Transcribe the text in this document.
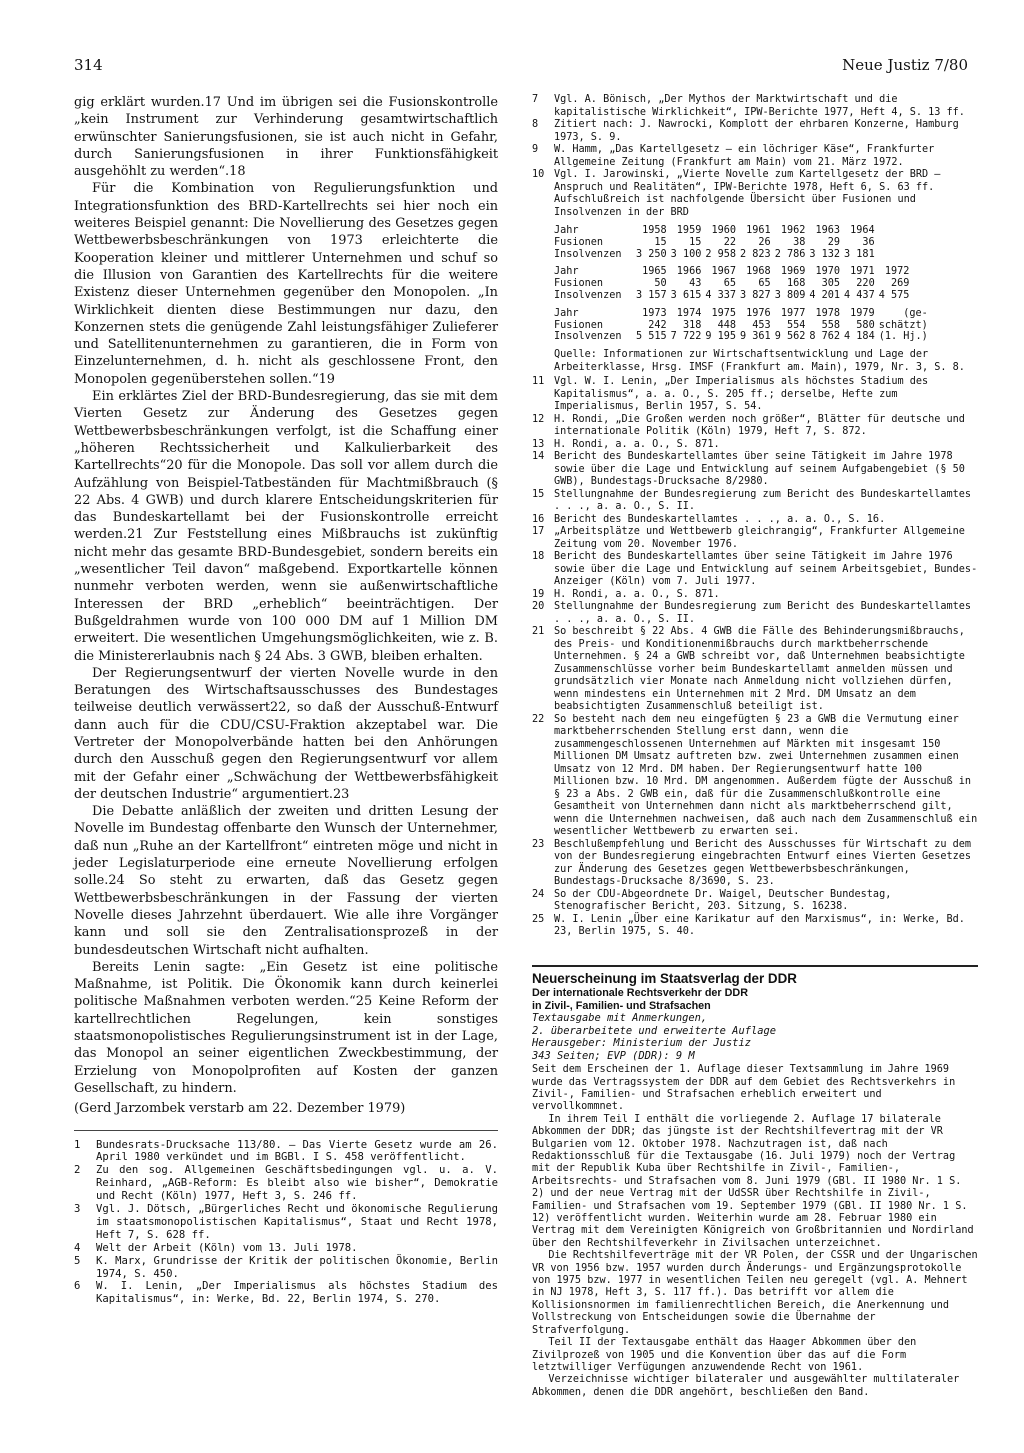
314	Neue Justiz 7/80

gig erklärt wurden.17 Und im übrigen sei die Fusionskontrolle „kein Instrument zur Verhinderung gesamtwirtschaftlich erwünschter Sanierungsfusionen, sie ist auch nicht in Gefahr, durch Sanierungsfusionen in ihrer Funktionsfähigkeit ausgehöhlt zu werden“.18

Für die Kombination von Regulierungsfunktion und Integrationsfunktion des BRD-Kartellrechts sei hier noch ein weiteres Beispiel genannt: Die Novellierung des Gesetzes gegen Wettbewerbsbeschränkungen von 1973 erleichterte die Kooperation kleiner und mittlerer Unternehmen und schuf so die Illusion von Garantien des Kartellrechts für die weitere Existenz dieser Unternehmen gegenüber den Monopolen. „In Wirklichkeit dienten diese Bestimmungen nur dazu, den Konzernen stets die genügende Zahl leistungsfähiger Zulieferer und Satellitenunternehmen zu garantieren, die in Form von Einzelunternehmen, d. h. nicht als geschlossene Front, den Monopolen gegenüberstehen sollen.“19

Ein erklärtes Ziel der BRD-Bundesregierung, das sie mit dem Vierten Gesetz zur Änderung des Gesetzes gegen Wettbewerbsbeschränkungen verfolgt, ist die Schaffung einer „höheren Rechtssicherheit und Kalkulierbarkeit des Kartellrechts“20 für die Monopole. Das soll vor allem durch die Aufzählung von Beispiel-Tatbeständen für Machtmißbrauch (§ 22 Abs. 4 GWB) und durch klarere Entscheidungskriterien für das Bundeskartellamt bei der Fusionskontrolle erreicht werden.21 Zur Feststellung eines Mißbrauchs ist zukünftig nicht mehr das gesamte BRD-Bundesgebiet, sondern bereits ein „wesentlicher Teil davon“ maßgebend. Exportkartelle können nunmehr verboten werden, wenn sie außenwirtschaftliche Interessen der BRD „erheblich“ beeinträchtigen. Der Bußgeldrahmen wurde von 100 000 DM auf 1 Million DM erweitert. Die wesentlichen Umgehungsmöglichkeiten, wie z. B. die Ministererlaubnis nach § 24 Abs. 3 GWB, bleiben erhalten.

Der Regierungsentwurf der vierten Novelle wurde in den Beratungen des Wirtschaftsausschusses des Bundestages teilweise deutlich verwässert22, so daß der Ausschuß-Entwurf dann auch für die CDU/CSU-Fraktion akzeptabel war. Die Vertreter der Monopolverbände hatten bei den Anhörungen durch den Ausschuß gegen den Regierungsentwurf vor allem mit der Gefahr einer „Schwächung der Wettbewerbsfähigkeit der deutschen Industrie“ argumentiert.23

Die Debatte anläßlich der zweiten und dritten Lesung der Novelle im Bundestag offenbarte den Wunsch der Unternehmer, daß nun „Ruhe an der Kartellfront“ eintreten möge und nicht in jeder Legislaturperiode eine erneute Novellierung erfolgen solle.24 So steht zu erwarten, daß das Gesetz gegen Wettbewerbsbeschränkungen in der Fassung der vierten Novelle dieses Jahrzehnt überdauert. Wie alle ihre Vorgänger kann und soll sie den Zentralisationsprozeß in der bundesdeutschen Wirtschaft nicht aufhalten.

Bereits Lenin sagte: „Ein Gesetz ist eine politische Maßnahme, ist Politik. Die Ökonomik kann durch keinerlei politische Maßnahmen verboten werden.“25 Keine Reform der kartellrechtlichen Regelungen, kein sonstiges staatsmonopolistisches Regulierungsinstrument ist in der Lage, das Monopol an seiner eigentlichen Zweckbestimmung, der Erzielung von Monopolprofiten auf Kosten der ganzen Gesellschaft, zu hindern.

(Gerd Jarzombek verstarb am 22. Dezember 1979)

1	Bundesrats-Drucksache 113/80. — Das Vierte Gesetz wurde am 26. April 1980 verkündet und im BGBl. I S. 458 veröffentlicht.
2	Zu den sog. Allgemeinen Geschäftsbedingungen vgl. u. a. V. Reinhard, „AGB-Reform: Es bleibt also wie bisher“, Demokratie und Recht (Köln) 1977, Heft 3, S. 246 ff.
3	Vgl. J. Dötsch, „Bürgerliches Recht und ökonomische Regulierung im staatsmonopolistischen Kapitalismus“, Staat und Recht 1978, Heft 7, S. 628 ff.
4	Welt der Arbeit (Köln) vom 13. Juli 1978.
5	K. Marx, Grundrisse der Kritik der politischen Ökonomie, Berlin 1974, S. 450.
6	W. I. Lenin, „Der Imperialismus als höchstes Stadium des Kapitalismus“, in: Werke, Bd. 22, Berlin 1974, S. 270.
7	Vgl. A. Bönisch, „Der Mythos der Marktwirtschaft und die kapitalistische Wirklichkeit“, IPW-Berichte 1977, Heft 4, S. 13 ff.
8	Zitiert nach: J. Nawrocki, Komplott der ehrbaren Konzerne, Hamburg 1973, S. 9.
9	W. Hamm, „Das Kartellgesetz — ein löchriger Käse“, Frankfurter Allgemeine Zeitung (Frankfurt am Main) vom 21. März 1972.
10 Vgl. I. Jarowinski, „Vierte Novelle zum Kartellgesetz der BRD — Anspruch und Realitäten“, IPW-Berichte 1978, Heft 6, S. 63 ff. Aufschlußreich ist nachfolgende Übersicht über Fusionen und Insolvenzen in der BRD
Jahr	1958	1959	1960	1961	1962	1963	1964
Fusionen	15	15	22	26	38	29	36
Insolvenzen	3 250	3 100	2 958	2 823	2 786	3 132	3 181
Jahr	1965	1966	1967	1968	1969	1970	1971	1972
Fusionen	50	43	65	65	168	305	220	269
Insolvenzen	3 157	3 615	4 337	3 827	3 809	4 201	4 437	4 575
Jahr	1973	1974	1975	1976	1977	1978	1979	(ge-
Fusionen	242	318	448	453	554	558	580	schätzt)
Insolvenzen	5 515	7 722	9 195	9 361	9 562	8 762	4 184	(1. Hj.)
Quelle: Informationen zur Wirtschaftsentwicklung und Lage der Arbeiterklasse, Hrsg. IMSF (Frankfurt am. Main), 1979, Nr. 3, S. 8.
11 Vgl. W. I. Lenin, „Der Imperialismus als höchstes Stadium des Kapitalismus“, a. a. O., S. 205 ff.; derselbe, Hefte zum Imperialismus, Berlin 1957, S. 54.
12 H. Rondi, „Die Großen werden noch größer“, Blätter für deutsche und internationale Politik (Köln) 1979, Heft 7, S. 872.
13 H. Rondi, a. a. O., S. 871.
14 Bericht des Bundeskartellamtes über seine Tätigkeit im Jahre 1978 sowie über die Lage und Entwicklung auf seinem Aufgabengebiet (§ 50 GWB), Bundestags-Drucksache 8/2980.
15 Stellungnahme der Bundesregierung zum Bericht des Bundeskartellamtes . . ., a. a. O., S. II.
16 Bericht des Bundeskartellamtes . . ., a. a. O., S. 16.
17 „Arbeitsplätze und Wettbewerb gleichrangig“, Frankfurter Allgemeine Zeitung vom 20. November 1976.
18 Bericht des Bundeskartellamtes über seine Tätigkeit im Jahre 1976 sowie über die Lage und Entwicklung auf seinem Arbeitsgebiet, Bundes-Anzeiger (Köln) vom 7. Juli 1977.
19 H. Rondi, a. a. O., S. 871.
20 Stellungnahme der Bundesregierung zum Bericht des Bundeskartellamtes . . ., a. a. O., S. II.
21 So beschreibt § 22 Abs. 4 GWB die Fälle des Behinderungsmißbrauchs, des Preis- und Konditionenmißbrauchs durch marktbeherrschende Unternehmen. § 24 a GWB schreibt vor, daß Unternehmen beabsichtigte Zusammenschlüsse vorher beim Bundeskartellamt anmelden müssen und grundsätzlich vier Monate nach Anmeldung nicht vollziehen dürfen, wenn mindestens ein Unternehmen mit 2 Mrd. DM Umsatz an dem beabsichtigten Zusammenschluß beteiligt ist.
22 So besteht nach dem neu eingefügten § 23 a GWB die Vermutung einer marktbeherrschenden Stellung erst dann, wenn die zusammengeschlossenen Unternehmen auf Märkten mit insgesamt 150 Millionen DM Umsatz auftreten bzw. zwei Unternehmen zusammen einen Umsatz von 12 Mrd. DM haben. Der Regierungsentwurf hatte 100 Millionen bzw. 10 Mrd. DM angenommen. Außerdem fügte der Ausschuß in § 23 a Abs. 2 GWB ein, daß für die Zusammenschlußkontrolle eine Gesamtheit von Unternehmen dann nicht als marktbeherrschend gilt, wenn die Unternehmen nachweisen, daß auch nach dem Zusammenschluß ein wesentlicher Wettbewerb zu erwarten sei.
23 Beschlußempfehlung und Bericht des Ausschusses für Wirtschaft zu dem von der Bundesregierung eingebrachten Entwurf eines Vierten Gesetzes zur Änderung des Gesetzes gegen Wettbewerbsbeschränkungen, Bundestags-Drucksache 8/3690, S. 23.
24 So der CDU-Abgeordnete Dr. Waigel, Deutscher Bundestag, Stenografischer Bericht, 203. Sitzung, S. 16238.
25 W. I. Lenin „Über eine Karikatur auf den Marxismus“, in: Werke, Bd. 23, Berlin 1975, S. 40.
Neuerscheinung im Staatsverlag der DDR
Der internationale Rechtsverkehr der DDR
in Zivil-, Familien- und Strafsachen
Textausgabe mit Anmerkungen,
2. überarbeitete und erweiterte Auflage
Herausgeber: Ministerium der Justiz
343 Seiten; EVP (DDR): 9 M

Seit dem Erscheinen der 1. Auflage dieser Textsammlung im Jahre 1969 wurde das Vertragssystem der DDR auf dem Gebiet des Rechtsverkehrs in Zivil-, Familien- und Strafsachen erheblich erweitert und vervollkommnet.

In ihrem Teil I enthält die vorliegende 2. Auflage 17 bilaterale Abkommen der DDR; das jüngste ist der Rechtshilfevertrag mit der VR Bulgarien vom 12. Oktober 1978. Nachzutragen ist, daß nach Redaktionsschluß für die Textausgabe (16. Juli 1979) noch der Vertrag mit der Republik Kuba über Rechtshilfe in Zivil-, Familien-, Arbeitsrechts- und Strafsachen vom 8. Juni 1979 (GBl. II 1980 Nr. 1 S. 2) und der neue Vertrag mit der UdSSR über Rechtshilfe in Zivil-, Familien- und Strafsachen vom 19. September 1979 (GBl. II 1980 Nr. 1 S. 12) veröffentlicht wurden. Weiterhin wurde am 28. Februar 1980 ein Vertrag mit dem Vereinigten Königreich von Großbritannien und Nordirland über den Rechtshilfeverkehr in Zivilsachen unterzeichnet.

Die Rechtshilfeverträge mit der VR Polen, der CSSR und der Ungarischen VR von 1956 bzw. 1957 wurden durch Änderungs- und Ergänzungsprotokolle von 1975 bzw. 1977 in wesentlichen Teilen neu geregelt (vgl. A. Mehnert in NJ 1978, Heft 3, S. 117 ff.). Das betrifft vor allem die Kollisionsnormen im familienrechtlichen Bereich, die Anerkennung und Vollstreckung von Entscheidungen sowie die Übernahme der Strafverfolgung.

Teil II der Textausgabe enthält das Haager Abkommen über den Zivilprozeß von 1905 und die Konvention über das auf die Form letztwilliger Verfügungen anzuwendende Recht von 1961.

Verzeichnisse wichtiger bilateraler und ausgewählter multilateraler Abkommen, denen die DDR angehört, beschließen den Band.
